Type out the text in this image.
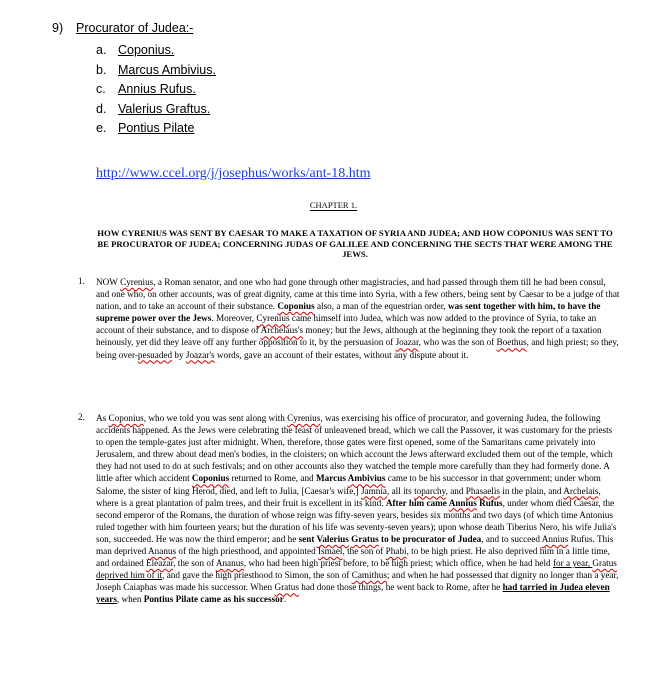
9) Procurator of Judea:-
a. Coponius.
b. Marcus Ambivius.
c. Annius Rufus.
d. Valerius Graftus.
e. Pontius Pilate
http://www.ccel.org/j/josephus/works/ant-18.htm
CHAPTER 1.
HOW CYRENIUS WAS SENT BY CAESAR TO MAKE A TAXATION OF SYRIA AND JUDEA; AND HOW COPONIUS WAS SENT TO BE PROCURATOR OF JUDEA; CONCERNING JUDAS OF GALILEE AND CONCERNING THE SECTS THAT WERE AMONG THE JEWS.
1. NOW Cyrenius, a Roman senator, and one who had gone through other magistracies, and had passed through them till he had been consul, and one who, on other accounts, was of great dignity, came at this time into Syria, with a few others, being sent by Caesar to be a judge of that nation, and to take an account of their substance. Coponius also, a man of the equestrian order, was sent together with him, to have the supreme power over the Jews. Moreover, Cyrenius came himself into Judea, which was now added to the province of Syria, to take an account of their substance, and to dispose of Archelaus's money; but the Jews, although at the beginning they took the report of a taxation heinously, yet did they leave off any further opposition to it, by the persuasion of Joazar, who was the son of Boethus, and high priest; so they, being over-pesuaded by Joazar's words, gave an account of their estates, without any dispute about it.
2. As Coponius, who we told you was sent along with Cyrenius, was exercising his office of procurator, and governing Judea, the following accidents happened. As the Jews were celebrating the feast of unleavened bread, which we call the Passover, it was customary for the priests to open the temple-gates just after midnight. When, therefore, those gates were first opened, some of the Samaritans came privately into Jerusalem, and threw about dead men's bodies, in the cloisters; on which account the Jews afterward excluded them out of the temple, which they had not used to do at such festivals; and on other accounts also they watched the temple more carefully than they had formerly done. A little after which accident Coponius returned to Rome, and Marcus Ambivius came to be his successor in that government; under whom Salome, the sister of king Herod, died, and left to Julia, [Caesar's wife,] Jamnia, all its toparchy, and Phasaelis in the plain, and Archelais, where is a great plantation of palm trees, and their fruit is excellent in its kind. After him came Annius Rufus, under whom died Caesar, the second emperor of the Romans, the duration of whose reign was fifty-seven years, besides six months and two days (of which time Antonius ruled together with him fourteen years; but the duration of his life was seventy-seven years); upon whose death Tiberius Nero, his wife Julia's son, succeeded. He was now the third emperor; and he sent Valerius Gratus to be procurator of Judea, and to succeed Annius Rufus. This man deprived Ananus of the high priesthood, and appointed Ismael, the son of Phabi, to be high priest. He also deprived him in a little time, and ordained Eleazar, the son of Ananus, who had been high priest before, to be high priest; which office, when he had held for a year, Gratus deprived him of it, and gave the high priesthood to Simon, the son of Camithus; and when he had possessed that dignity no longer than a year, Joseph Caiaphas was made his successor. When Gratus had done those things, he went back to Rome, after he had tarried in Judea eleven years, when Pontius Pilate came as his successor.
